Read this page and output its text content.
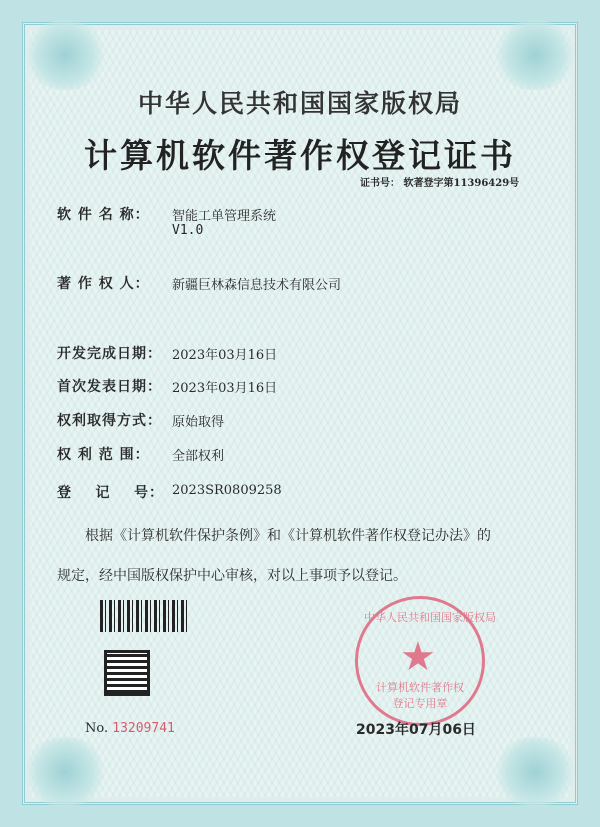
中华人民共和国国家版权局
计算机软件著作权登记证书
证书号： 软著登字第11396429号
软 件 名 称： 智能工单管理系统
V1.0
著 作 权 人： 新疆巨林森信息技术有限公司
开发完成日期： 2023年03月16日
首次发表日期： 2023年03月16日
权利取得方式： 原始取得
权 利 范 围： 全部权利
登    记    号： 2023SR0809258
根据《计算机软件保护条例》和《计算机软件著作权登记办法》的
规定，经中国版权保护中心审核，对以上事项予以登记。
No. 13209741
中华人民共和国国家版权局
★
计算机软件著作权
登记专用章
2023年07月06日
